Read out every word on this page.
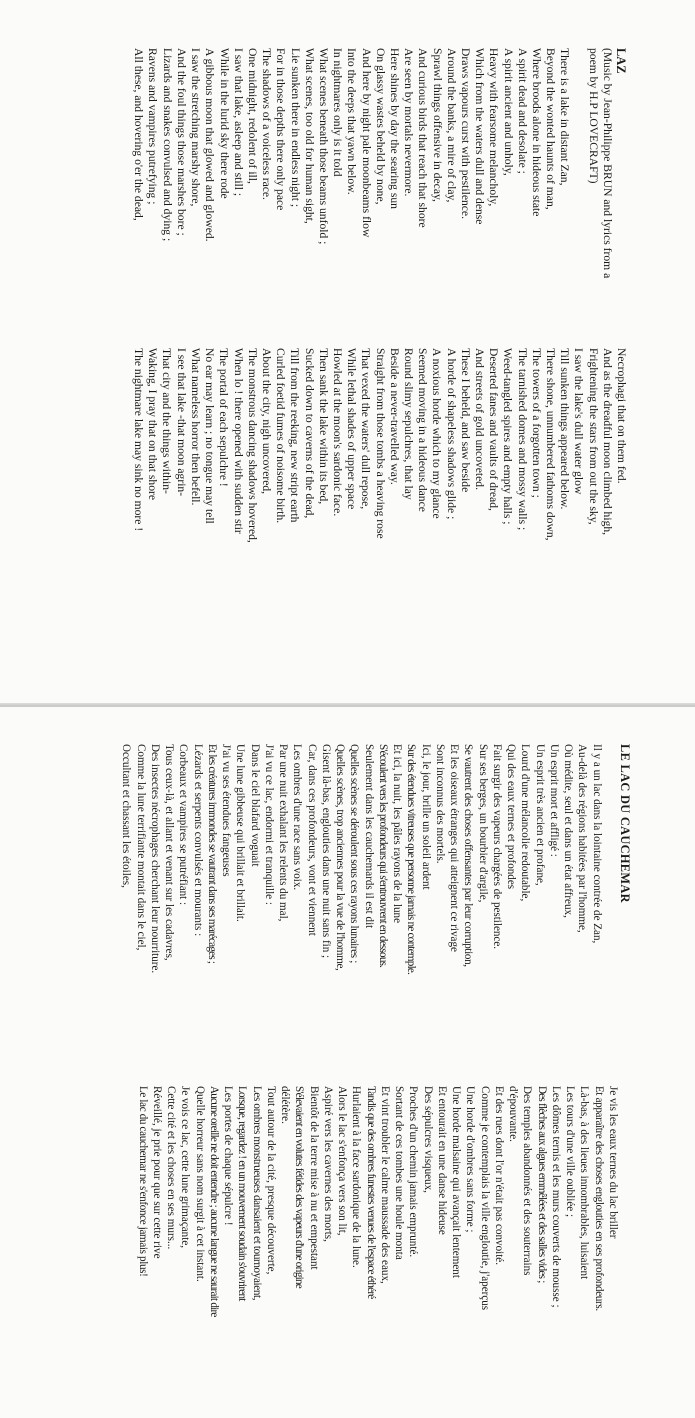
LAZ
(Music by Jean-Philippe BRUN and lyrics from a
poem by H.P LOVECRAFT)
There is a lake in distant Zan,
Beyond the wonted haunts of man,
Where broods alone in hideous state
A spirit dead and desolate ;
A spirit ancient and unholy,
Heavy with fearsome melancholy,
Which from the waters dull and dense
Draws vapours curst with pestilence.
Around the banks, a mire of clay,
Sprawl things offensive in decay,
And curious birds that reach that shore
Are seen by mortals nevermore.
Here shines by day the searing sun
On glassy wastes beheld by none,
And here by night pale moonbeams flow
Into the deeps that yawn below.
In nightmares only is it told
What scenes beneath those beams unfold ;
What scenes, too old for human sight,
Lie sunken there in endless night ;
For in those depths there only pace
The shadows of a voiceless race.
One midnight, redolent of ill,
I saw that lake, asleep and still ;
While in the lurid sky there rode
A gibbous moon that glowed and glowed.
I saw the stretching marshy shore,
And the foul things those marshes bore ;
Lizards and snakes convulsed and dying ;
Ravens and vampires putrefying ;
All these, and hovering o'er the dead,
Necrophagi that on them fed.
And as the dreadful moon climbed high,
Frightening the stars from out the sky,
I saw the lake's dull water glow
Till sunken things appeared below.
There shone, unnumbered fathoms down,
The towers of a forgotten town ;
The tarnished domes and mossy walls ;
Weed-tangled spires and empty halls ;
Deserted fanes and vaults of dread,
And streets of gold uncoveted.
These I beheld, and saw beside
A horde of shapeless shadows glide ;
A noxious horde which to my glance
Seemed moving in a hideous dance
Round slimy sepulchres, that lay
Beside a never-travelled way.
Straight from those tombs a heaving rose
That vexed the waters' dull repose,
While lethal shades of upper space
Howled at the moon's sardonic face.
Then sank the lake within its bed,
Sucked down to caverns of the dead,
Till from the reeking, new stript earth
Curled foetid fumes of noisome birth.
About the city, nigh uncovered,
The monstrous dancing shadows hovered,
When lo ! there opened with sudden stir
The portal of each sepulchre !
No ear may learn ; no tongue may tell
What nameless horror then befell.
I see that lake -that moon agrin-
That city and the things within-
Waking, I pray that on that shore
The nightmare lake may sink no more !
LE LAC DU CAUCHEMAR
Il y a un lac dans la lointaine contrée de Zan,
Au-delà des régions habitées par l'homme,
Où médite, seul et dans un état affreux,
Un esprit mort et affligé :
Un esprit très ancien et profane,
Lourd d'une mélancolie redoutable,
Qui des eaux ternes et profondes
Fait surgir des vapeurs chargées de pestilence.
Sur ses berges, un bourbier d'argile,
Se vautrent des choses offensantes par leur corruption,
Et les oiseaux étranges qui atteignent ce rivage
Sont inconnus des mortels.
Ici, le jour, brille un soleil ardent
Sur des étendues vitreuses que personne jamais ne contemple.
Et ici, la nuit, les pâles rayons de la lune
S'écoulent vers les profondeurs qui s'entrouvrent en dessous.
Seulement dans les cauchemards il est dit
Quelles scènes se déroulent sous ces rayons lunaires ;
Quelles scènes, trop anciennes pour la vue de l'homme,
Gisent là-bas, englouties dans une nuit sans fin ;
Car, dans ces profondeurs, vont et viennent
Les ombres d'une race sans voix.
Par une nuit exhalant les relents du mal,
J'ai vu ce lac, endormi et tranquille :
Dans le ciel blafard voguait
Une lune gibbeuse qui brillait et brillait.
J'ai vu ses étendues fangeuses
Et les créatures immondes se vautrant dans ses marécages ;
Lézards et serpents convulsés et mourants :
Corbeaux et vampires se putréfiant :
Tous ceux-là, et allant et venant sur les cadavres,
Des insectes nécrophages cherchant leur nourriture.
Comme la lune terrifiante montait dans le ciel,
Occultant et chassant les étoiles,
Je vis les eaux ternes du lac briller
Et apparaître des choses englouties en ses profondeurs.
Là-bas, à des lieues innombrables, luisaient
Les tours d'une ville oubliée ;
Les dômes ternis et les murs couverts de mousse ;
Des flèches aux algues emmêlées et des salles vides ;
Des temples abandonnés et des souterrains
d'épouvante.
Et des rues dont l'or n'était pas convoité.
Comme je contemplais la ville engloutie, j'aperçus
Une horde d'ombres sans forme ;
Une horde malsaine qui avançait lentement
Et entourait en une danse hideuse
Des sépulcres visqueux,
Proches d'un chemin jamais emprunté.
Sortant de ces tombes une houle monta
Et vint troubler le calme maussade des eaux,
Tandis que des ombres funestes venues de l'espace éthéré
Hurlaient à la face sardonique de la lune.
Alors le lac s'enfonça vers son lit,
Aspiré vers les cavernes des morts,
Bientôt de la terre mise à nu et empestant
S'élevaient en volutes fétides des vapeurs d'une origine
délétère.
Tout autour de la cité, presque découverte,
Les ombres monstrueuses dansaient et tournoyaient,
Lorsque, regardez ! en un mouvement soudain s'ouvrirent
Les portes de chaque sépulcre !
Aucune oreille ne doit entendre ; aucune langue ne saurait dire
Quelle horreur sans nom surgit à cet instant.
Je vois ce lac, cette lune grimaçante,
Cette cité et les choses en ses murs...
Réveillé, je prie pour que sur cette rive
Le lac du cauchemar ne s'enfonce jamais plus!
